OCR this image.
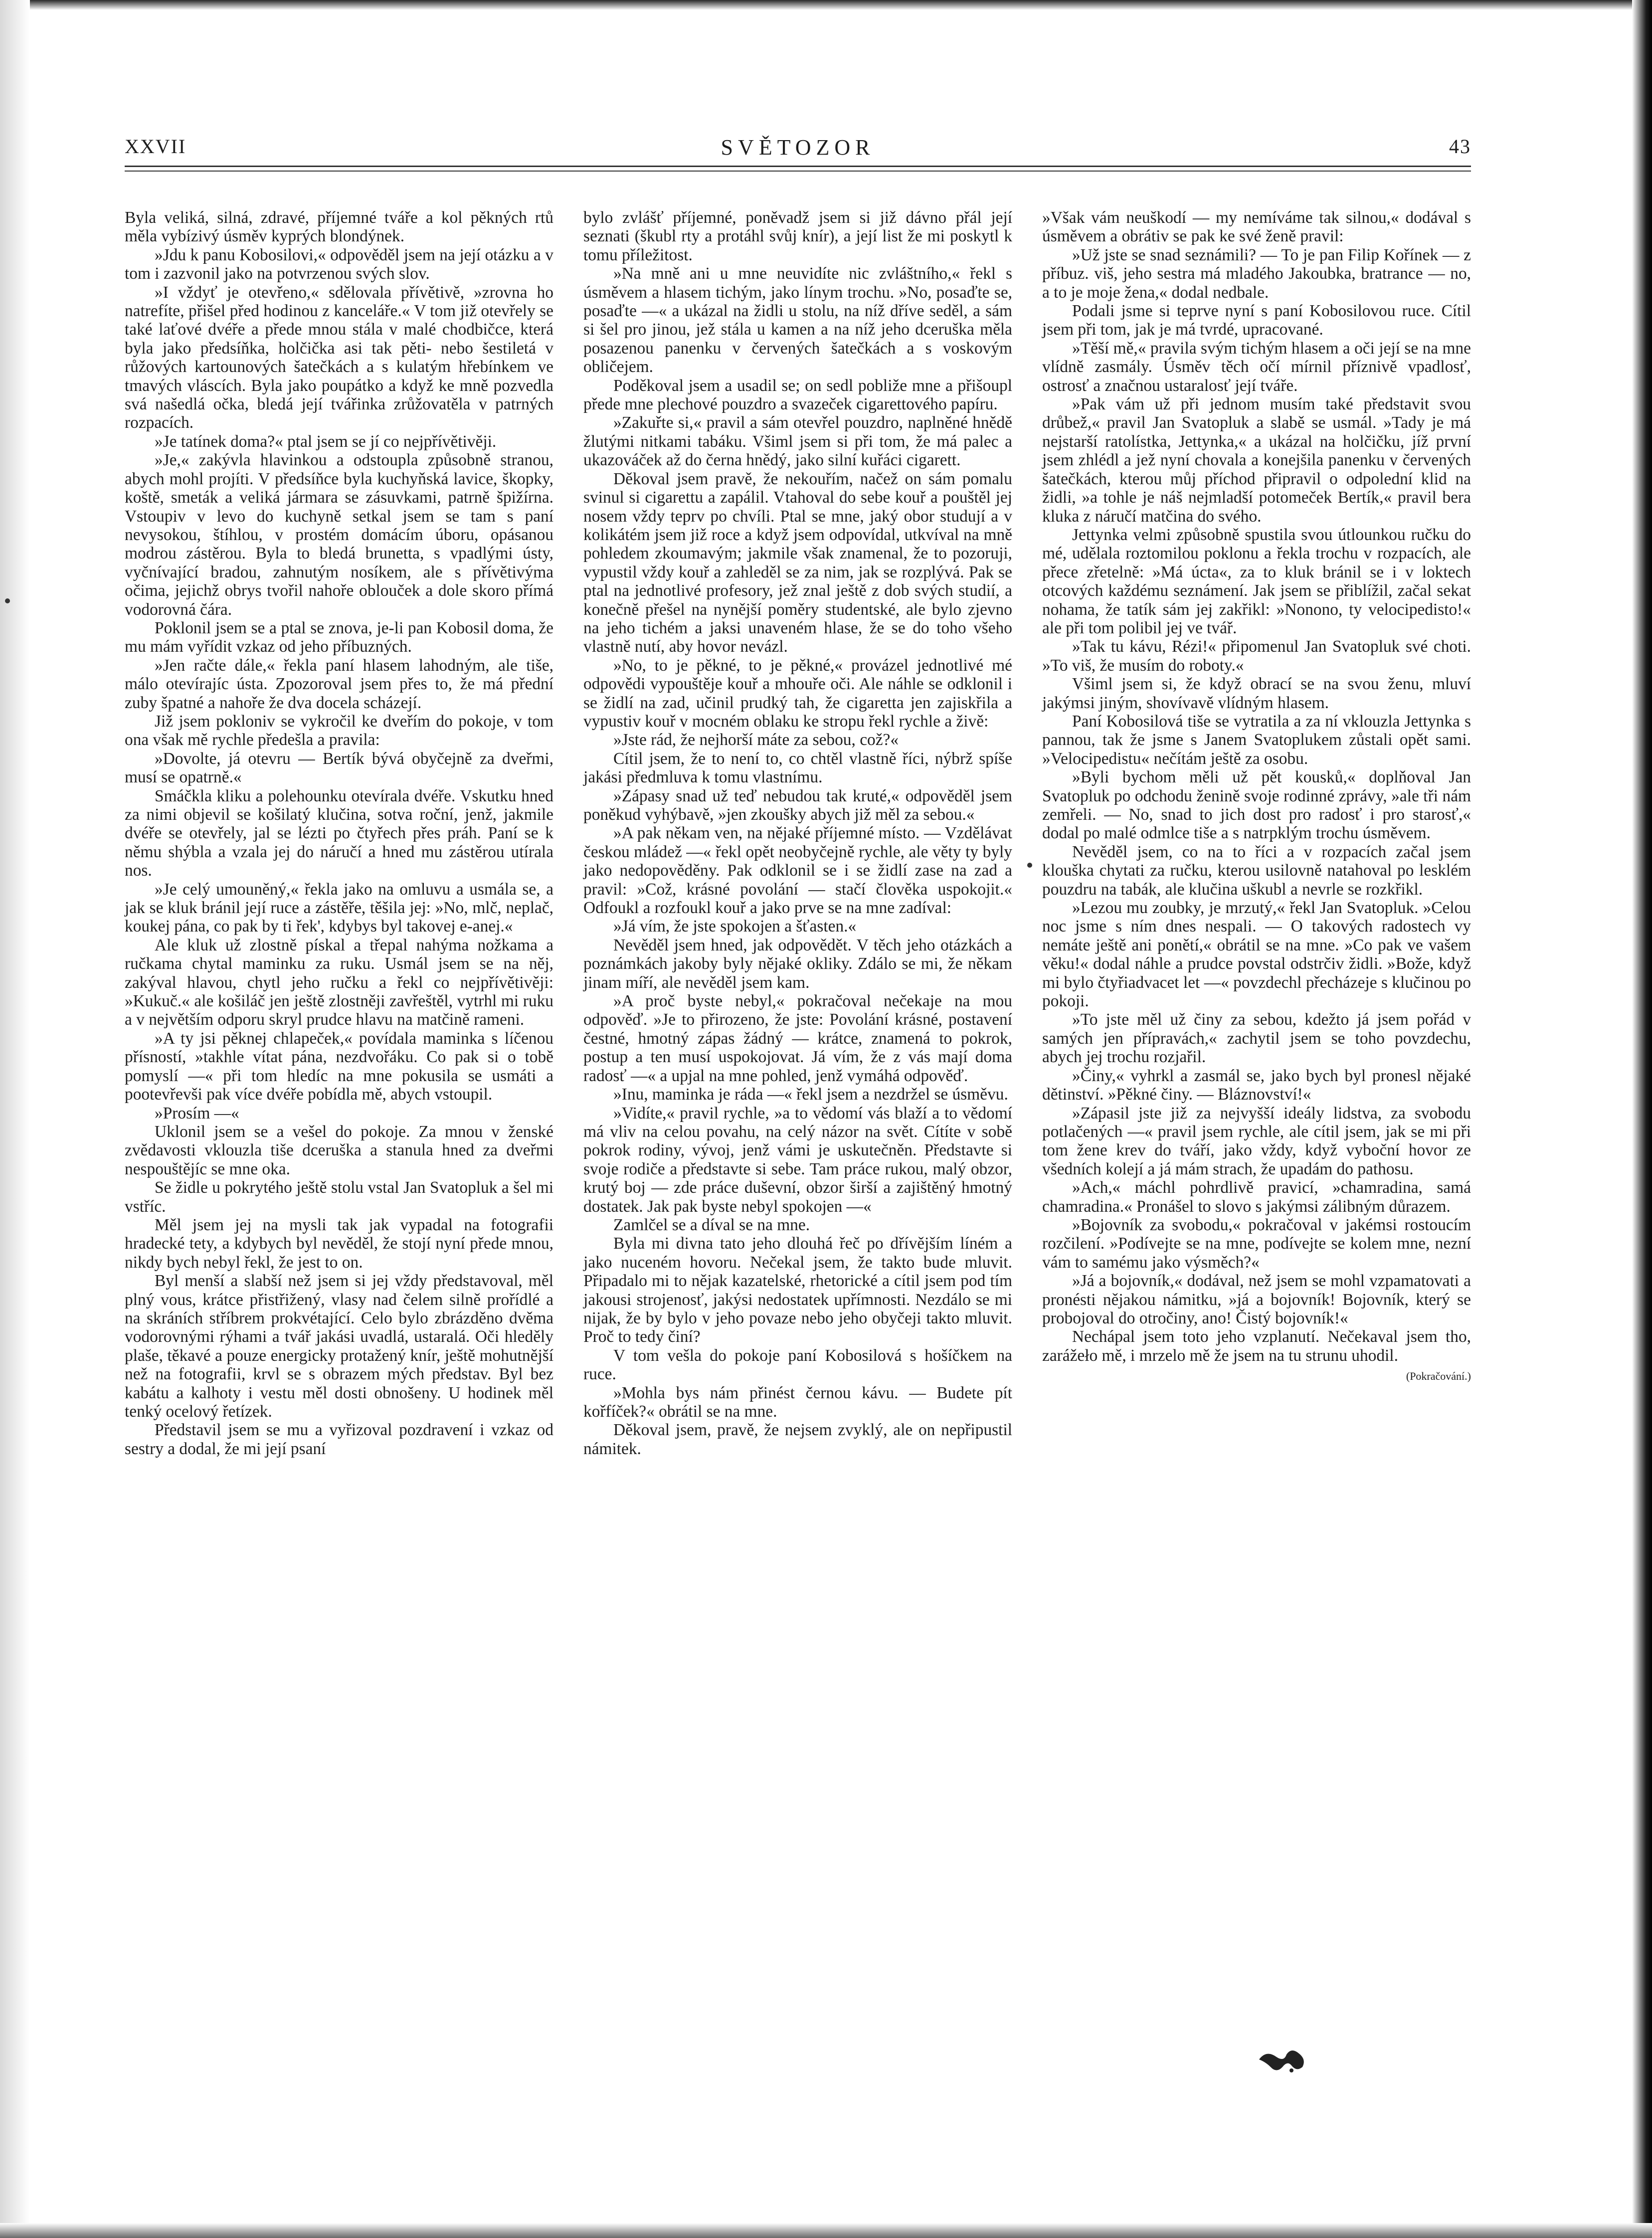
SVĚTOZOR
XXVII	43

Byla veliká, silná, zdravé, příjemné tváře a kol pěkných rtů měla vybízivý úsměv kyprých blondýnek.

»Jdu k panu Kobosilovi,« odpověděl jsem na její otázku a v tom i zazvonil jako na potvrzenou svých slov.

»I vždyť je otevřeno,« sdělovala přívětivě, »zrovna ho natrefíte, přišel před hodinou z kanceláře.« V tom již otevřely se také laťové dvéře a přede mnou stála v malé chodbičce, která byla jako předsíňka, holčička asi tak pěti- nebo šestiletá v růžových kartounových šatečkách a s kulatým hřebínkem ve tmavých vláscích. Byla jako poupátko a když ke mně pozvedla svá našedlá očka, bledá její tvářinka zrůžovatěla v patrných rozpacích.

»Je tatínek doma?« ptal jsem se jí co nejpřívětivěji.

»Je,« zakývla hlavinkou a odstoupla způsobně stranou, abych mohl projíti. V předsíňce byla kuchyňská lavice, škopky, koště, smeták a veliká jármara se zásuvkami, patrně špižírna. Vstoupiv v levo do kuchyně setkal jsem se tam s paní nevysokou, štíhlou, v prostém domácím úboru, opásanou modrou zástěrou. Byla to bledá brunetta, s vpadlými ústy, vyčnívající bradou, zahnutým nosíkem, ale s přívětivýma očima, jejichž obrys tvořil nahoře oblouček a dole skoro přímá vodorovná čára.

Poklonil jsem se a ptal se znova, je-li pan Kobosil doma, že mu mám vyřídit vzkaz od jeho příbuzných.

»Jen račte dále,« řekla paní hlasem lahodným, ale tiše, málo otevírajíc ústa. Zpozoroval jsem přes to, že má přední zuby špatné a nahoře že dva docela scházejí.

Již jsem pokloniv se vykročil ke dveřím do pokoje, v tom ona však mě rychle předešla a pravila:

»Dovolte, já otevru — Bertík bývá obyčejně za dveřmi, musí se opatrně.«

Smáčkla kliku a polehounku otevírala dvéře. Vskutku hned za nimi objevil se košilatý klučina, sotva roční, jenž, jakmile dvéře se otevřely, jal se lézti po čtyřech přes práh. Paní se k němu shýbla a vzala jej do náručí a hned mu zástěrou utírala nos.

»Je celý umouněný,« řekla jako na omluvu a usmála se, a jak se kluk bránil její ruce a zástěře, těšila jej: »No, mlč, neplač, koukej pána, co pak by ti řek', kdybys byl takovej e-anej.«

Ale kluk už zlostně pískal a třepal nahýma nožkama a ručkama chytal maminku za ruku. Usmál jsem se na něj, zakýval hlavou, chytl jeho ručku a řekl co nejpřívětivěji: »Kukuč.« ale košiláč jen ještě zlostněji zavřeštěl, vytrhl mi ruku a v největším odporu skryl prudce hlavu na matčině rameni.

»A ty jsi pěknej chlapeček,« povídala maminka s líčenou přísností, »takhle vítat pána, nezdvořáku. Co pak si o tobě pomyslí —« při tom hledíc na mne pokusila se usmáti a pootevřevši pak více dvéře pobídla mě, abych vstoupil.

»Prosím —«

Uklonil jsem se a vešel do pokoje. Za mnou v ženské zvědavosti vklouzla tiše dceruška a stanula hned za dveřmi nespouštějíc se mne oka.

Se židle u pokrytého ještě stolu vstal Jan Svatopluk a šel mi vstříc.

Měl jsem jej na mysli tak jak vypadal na fotografii hradecké tety, a kdybych byl nevěděl, že stojí nyní přede mnou, nikdy bych nebyl řekl, že jest to on.

Byl menší a slabší než jsem si jej vždy představoval, měl plný vous, krátce přistřižený, vlasy nad čelem silně prořídlé a na skráních stříbrem prokvétající. Celo bylo zbrázděno dvěma vodorovnými rýhami a tvář jakási uvadlá, ustaralá. Oči hleděly plaše, těkavé a pouze energicky protažený knír, ještě mohutnější než na fotografii, krvl se s obrazem mých představ. Byl bez kabátu a kalhoty i vestu měl dosti obnošeny. U hodinek měl tenký ocelový řetízek.

Představil jsem se mu a vyřizoval pozdravení i vzkaz od sestry a dodal, že mi její psaní

bylo zvlášť příjemné, poněvadž jsem si již dávno přál její seznati (škubl rty a protáhl svůj knír), a její list že mi poskytl k tomu příležitost.

»Na mně ani u mne neuvidíte nic zvláštního,« řekl s úsměvem a hlasem tichým, jako línym trochu. »No, posaďte se, posaďte —« a ukázal na židli u stolu, na níž dříve seděl, a sám si šel pro jinou, jež stála u kamen a na níž jeho dceruška měla posazenou panenku v červených šatečkách a s voskovým obličejem.

Poděkoval jsem a usadil se; on sedl pobliže mne a přišoupl přede mne plechové pouzdro a svazeček cigarettového papíru.

»Zakuřte si,« pravil a sám otevřel pouzdro, naplněné hnědě žlutými nitkami tabáku. Všiml jsem si při tom, že má palec a ukazováček až do černa hnědý, jako silní kuřáci cigarett.

Děkoval jsem pravě, že nekouřím, načež on sám pomalu svinul si cigarettu a zapálil. Vtahoval do sebe kouř a pouštěl jej nosem vždy teprv po chvíli. Ptal se mne, jaký obor studují a v kolikátém jsem již roce a když jsem odpovídal, utkvíval na mně pohledem zkoumavým; jakmile však znamenal, že to pozoruji, vypustil vždy kouř a zahleděl se za nim, jak se rozplývá. Pak se ptal na jednotlivé profesory, jež znal ještě z dob svých studií, a konečně přešel na nynější poměry studentské, ale bylo zjevno na jeho tichém a jaksi unaveném hlase, že se do toho všeho vlastně nutí, aby hovor nevázl.

»No, to je pěkné, to je pěkné,« provázel jednotlivé mé odpovědi vypouštěje kouř a mhouře oči. Ale náhle se odklonil i se židlí na zad, učinil prudký tah, že cigaretta jen zajiskřila a vypustiv kouř v mocném oblaku ke stropu řekl rychle a živě:

»Jste rád, že nejhorší máte za sebou, což?«

Cítil jsem, že to není to, co chtěl vlastně říci, nýbrž spíše jakási předmluva k tomu vlastnímu.

»Zápasy snad už teď nebudou tak kruté,« odpověděl jsem poněkud vyhýbavě, »jen zkoušky abych již měl za sebou.«

»A pak někam ven, na nějaké příjemné místo. — Vzdělávat českou mládež —« řekl opět neobyčejně rychle, ale věty ty byly jako nedopověděny. Pak odklonil se i se židlí zase na zad a pravil: »Což, krásné povolání — stačí člověka uspokojit.« Odfoukl a rozfoukl kouř a jako prve se na mne zadíval:

»Já vím, že jste spokojen a šťasten.«

Nevěděl jsem hned, jak odpovědět. V těch jeho otázkách a poznámkách jakoby byly nějaké okliky. Zdálo se mi, že někam jinam míří, ale nevěděl jsem kam.

»A proč byste nebyl,« pokračoval nečekaje na mou odpověď. »Je to přirozeno, že jste: Povolání krásné, postavení čestné, hmotný zápas žádný — krátce, znamená to pokrok, postup a ten musí uspokojovat. Já vím, že z vás mají doma radosť —« a upjal na mne pohled, jenž vymáhá odpověď.

»Inu, maminka je ráda —« řekl jsem a nezdržel se úsměvu.

»Vidíte,« pravil rychle, »a to vědomí vás blaží a to vědomí má vliv na celou povahu, na celý názor na svět. Cítíte v sobě pokrok rodiny, vývoj, jenž vámi je uskutečněn. Představte si svoje rodiče a představte si sebe. Tam práce rukou, malý obzor, krutý boj — zde práce duševní, obzor širší a zajištěný hmotný dostatek. Jak pak byste nebyl spokojen —«

Zamlčel se a díval se na mne.

Byla mi divna tato jeho dlouhá řeč po dřívějším líném a jako nuceném hovoru. Nečekal jsem, že takto bude mluvit. Připadalo mi to nějak kazatelské, rhetorické a cítil jsem pod tím jakousi strojenosť, jakýsi nedostatek upřímnosti. Nezdálo se mi nijak, že by bylo v jeho povaze nebo jeho obyčeji takto mluvit. Proč to tedy činí?

V tom vešla do pokoje paní Kobosilová s hošíčkem na ruce.

»Mohla bys nám přinést černou kávu. — Budete pít kořfíček?« obrátil se na mne.

Děkoval jsem, pravě, že nejsem zvyklý, ale on nepřipustil námitek.

»Však vám neuškodí — my nemíváme tak silnou,« dodával s úsměvem a obrátiv se pak ke své ženě pravil:

»Už jste se snad seznámili? — To je pan Filip Kořínek — z příbuz. viš, jeho sestra má mladého Jakoubka, bratrance — no, a to je moje žena,« dodal nedbale.

Podali jsme si teprve nyní s paní Kobosilovou ruce. Cítil jsem při tom, jak je má tvrdé, upracované.

»Těší mě,« pravila svým tichým hlasem a oči její se na mne vlídně zasmály. Úsměv těch očí mírnil příznivě vpadlosť, ostrosť a značnou ustaralosť její tváře.

»Pak vám už při jednom musím také představit svou drůbež,« pravil Jan Svatopluk a slabě se usmál. »Tady je má nejstarší ratolístka, Jettynka,« a ukázal na holčičku, jíž první jsem zhlédl a jež nyní chovala a konejšila panenku v červených šatečkách, kterou můj příchod připravil o odpolední klid na židli, »a tohle je náš nejmladší potomeček Bertík,« pravil bera kluka z náručí matčina do svého.

Jettynka velmi způsobně spustila svou útlounkou ručku do mé, udělala roztomilou poklonu a řekla trochu v rozpacích, ale přece zřetelně: »Má úcta«, za to kluk bránil se i v loktech otcových každému seznámení. Jak jsem se přiblížil, začal sekat nohama, že tatík sám jej zakřikl: »Nonono, ty velocipedisto!« ale při tom polibil jej ve tvář.

»Tak tu kávu, Rézi!« připomenul Jan Svatopluk své choti. »To viš, že musím do roboty.«

Všiml jsem si, že když obrací se na svou ženu, mluví jakýmsi jiným, shovívavě vlídným hlasem.

Paní Kobosilová tiše se vytratila a za ní vklouzla Jettynka s pannou, tak že jsme s Janem Svatoplukem zůstali opět sami. »Velocipedistu« nečítám ještě za osobu.

»Byli bychom měli už pět kousků,« doplňoval Jan Svatopluk po odchodu ženině svoje rodinné zprávy, »ale tři nám zemřeli. — No, snad to jich dost pro radosť i pro starosť,« dodal po malé odmlce tiše a s natrpklým trochu úsměvem.

Nevěděl jsem, co na to říci a v rozpacích začal jsem klouška chytati za ručku, kterou usilovně natahoval po lesklém pouzdru na tabák, ale klučina uškubl a nevrle se rozkřikl.

»Lezou mu zoubky, je mrzutý,« řekl Jan Svatopluk. »Celou noc jsme s ním dnes nespali. — O takových radostech vy nemáte ještě ani ponětí,« obrátil se na mne. »Co pak ve vašem věku!« dodal náhle a prudce povstal odstrčiv židli. »Bože, když mi bylo čtyřiadvacet let —« povzdechl přecházeje s klučinou po pokoji.

»To jste měl už činy za sebou, kdežto já jsem pořád v samých jen přípravách,« zachytil jsem se toho povzdechu, abych jej trochu rozjařil.

»Činy,« vyhrkl a zasmál se, jako bych byl pronesl nějaké dětinství. »Pěkné činy. — Bláznovství!«

»Zápasil jste již za nejvyšší ideály lidstva, za svobodu potlačených —« pravil jsem rychle, ale cítil jsem, jak se mi při tom žene krev do tváří, jako vždy, když vyboční hovor ze všedních kolejí a já mám strach, že upadám do pathosu.

»Ach,« máchl pohrdlivě pravicí, »chamradina, samá chamradina.« Pronášel to slovo s jakýmsi zálibným důrazem.

»Bojovník za svobodu,« pokračoval v jakémsi rostoucím rozčilení. »Podívejte se na mne, podívejte se kolem mne, nezní vám to samému jako výsměch?«

»Já a bojovník,« dodával, než jsem se mohl vzpamatovati a pronésti nějakou námitku, »já a bojovník! Bojovník, který se probojoval do otročiny, ano! Čistý bojovník!«

Nechápal jsem toto jeho vzplanutí. Nečekaval jsem tho, zarážeło mě, i mrzelo mě že jsem na tu strunu uhodil.
(Pokračování.)
